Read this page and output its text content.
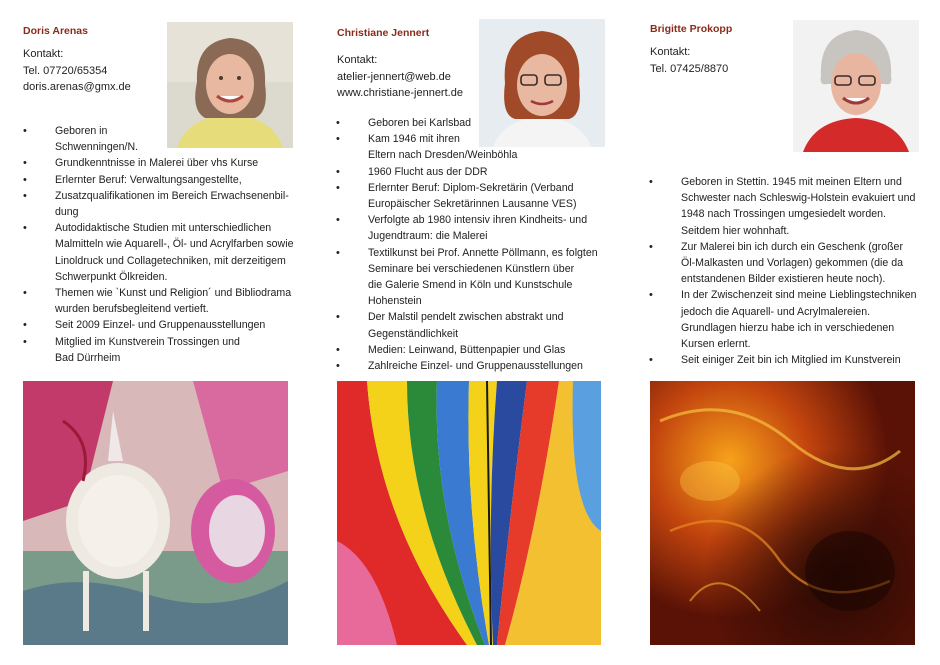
Doris Arenas
Kontakt:
Tel. 07720/65354
doris.arenas@gmx.de
• Geboren in
Schwenningen/N.
• Grundkenntnisse in Malerei über vhs Kurse
• Erlernter Beruf: Verwaltungsangestellte,
• Zusatzqualifikationen im Bereich Erwachsenenbil-
dung
• Autodidaktische Studien mit unterschiedlichen
Malmitteln wie Aquarell-, Öl- und Acrylfarben sowie
Linoldruck und Collagetechniken, mit derzeitigem
Schwerpunkt Ölkreiden.
• Themen wie `Kunst und Religion´ und Bibliodrama
wurden berufsbegleitend vertieft.
• Seit 2009 Einzel- und Gruppenausstellungen
• Mitglied im Kunstverein Trossingen und
Bad Dürrheim
Christiane Jennert
Kontakt:
atelier-jennert@web.de
www.christiane-jennert.de
• Geboren bei Karlsbad
• Kam 1946 mit ihren
Eltern nach Dresden/Weinböhla
• 1960 Flucht aus der DDR
• Erlernter Beruf: Diplom-Sekretärin (Verband
Europäischer Sekretärinnen Lausanne VES)
• Verfolgte ab 1980 intensiv ihren Kindheits- und
Jugendtraum: die Malerei
• Textilkunst bei Prof. Annette Pöllmann, es folgten
Seminare bei verschiedenen Künstlern über
die Galerie Smend in Köln und Kunstschule
Hohenstein
• Der Malstil pendelt zwischen abstrakt und
Gegenständlichkeit
• Medien: Leinwand, Büttenpapier und Glas
• Zahlreiche Einzel- und Gruppenausstellungen
Brigitte Prokopp
Kontakt:
Tel. 07425/8870
• Geboren in Stettin. 1945 mit meinen Eltern und
Schwester nach Schleswig-Holstein evakuiert und
1948 nach Trossingen umgesiedelt worden.
Seitdem hier wohnhaft.
• Zur Malerei bin ich durch ein Geschenk (großer
Öl-Malkasten und Vorlagen) gekommen (die da
entstandenen Bilder existieren heute noch).
• In der Zwischenzeit sind meine Lieblingstechniken
jedoch die Aquarell- und Acrylmalereien.
Grundlagen hierzu habe ich in verschiedenen
Kursen erlernt.
• Seit einiger Zeit bin ich Mitglied im Kunstverein
